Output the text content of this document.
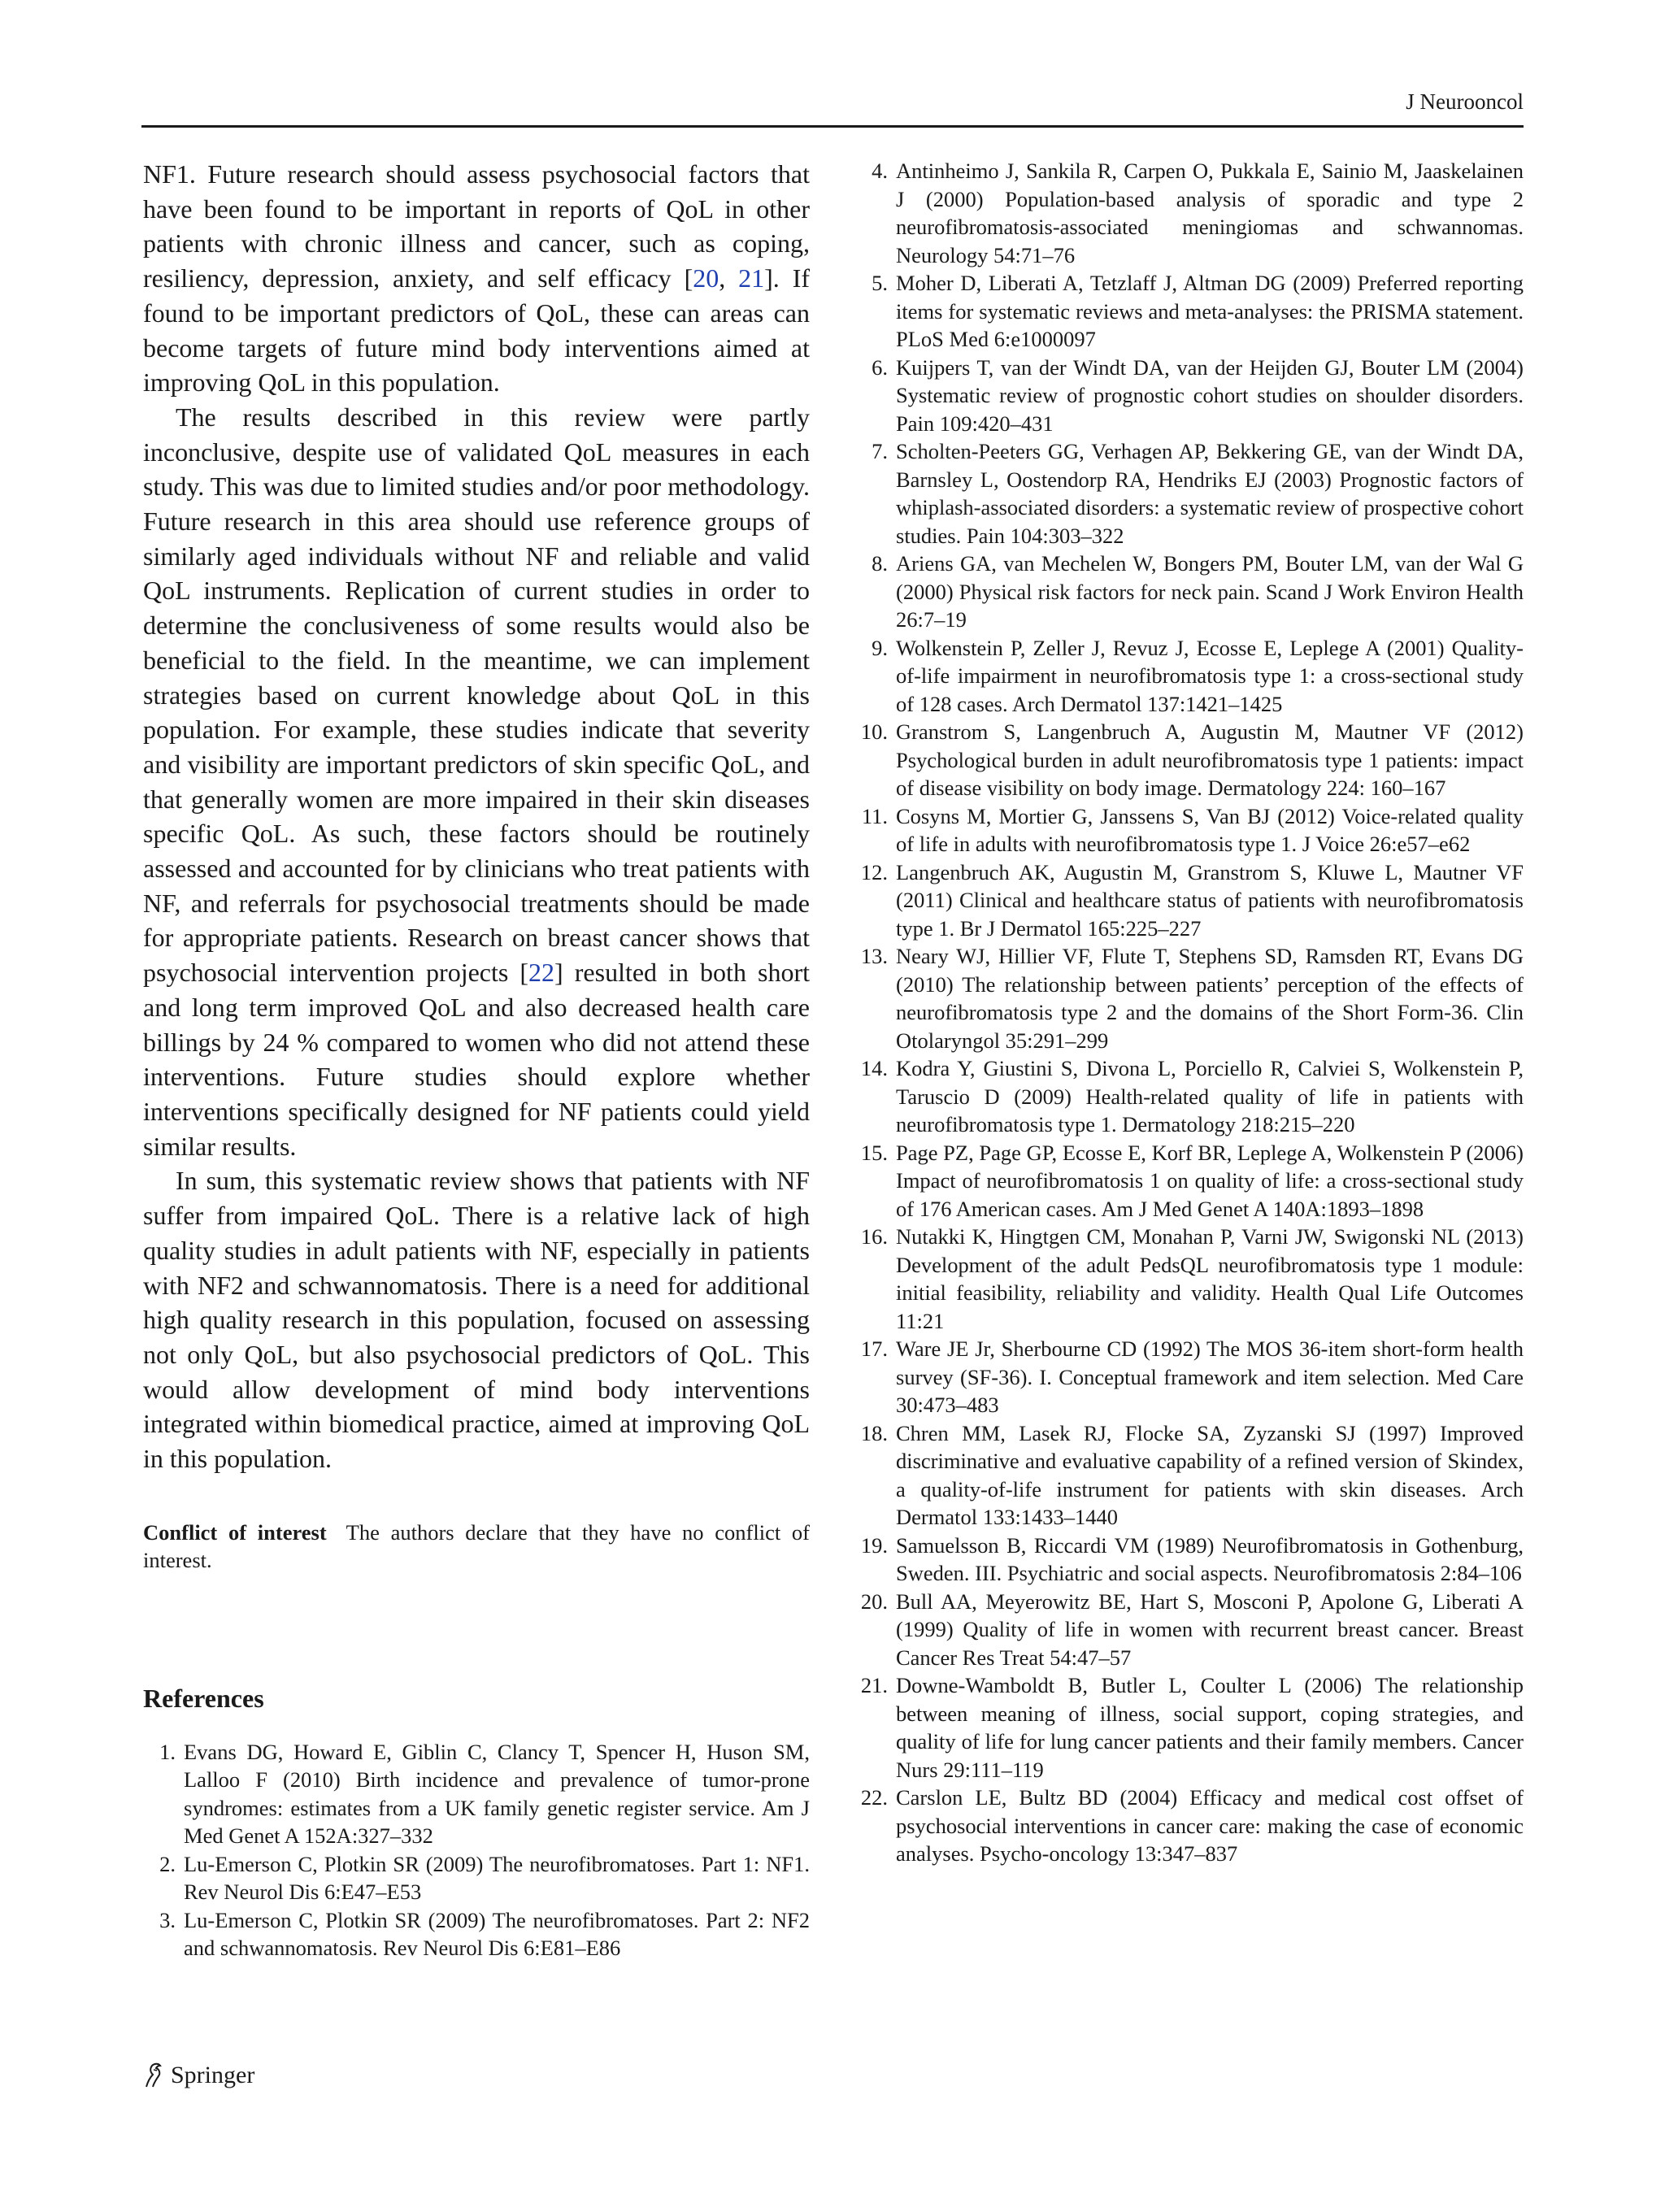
J Neurooncol

NF1. Future research should assess psychosocial factors that have been found to be important in reports of QoL in other patients with chronic illness and cancer, such as coping, resiliency, depression, anxiety, and self efficacy [20, 21]. If found to be important predictors of QoL, these can areas can become targets of future mind body interventions aimed at improving QoL in this population.

The results described in this review were partly inconclusive, despite use of validated QoL measures in each study. This was due to limited studies and/or poor methodology. Future research in this area should use reference groups of similarly aged individuals without NF and reliable and valid QoL instruments. Replication of current studies in order to determine the conclusiveness of some results would also be beneficial to the field. In the meantime, we can implement strategies based on current knowledge about QoL in this population. For example, these studies indicate that severity and visibility are important predictors of skin specific QoL, and that generally women are more impaired in their skin diseases specific QoL. As such, these factors should be routinely assessed and accounted for by clinicians who treat patients with NF, and referrals for psychosocial treatments should be made for appropriate patients. Research on breast cancer shows that psychosocial intervention projects [22] resulted in both short and long term improved QoL and also decreased health care billings by 24 % compared to women who did not attend these interventions. Future studies should explore whether interventions specifically designed for NF patients could yield similar results.

In sum, this systematic review shows that patients with NF suffer from impaired QoL. There is a relative lack of high quality studies in adult patients with NF, especially in patients with NF2 and schwannomatosis. There is a need for additional high quality research in this population, focused on assessing not only QoL, but also psychosocial predictors of QoL. This would allow development of mind body interventions integrated within biomedical practice, aimed at improving QoL in this population.

Conflict of interest The authors declare that they have no conflict of interest.

References
1. Evans DG, Howard E, Giblin C, Clancy T, Spencer H, Huson SM, Lalloo F (2010) Birth incidence and prevalence of tumor-prone syndromes: estimates from a UK family genetic register service. Am J Med Genet A 152A:327–332
2. Lu-Emerson C, Plotkin SR (2009) The neurofibromatoses. Part 1: NF1. Rev Neurol Dis 6:E47–E53
3. Lu-Emerson C, Plotkin SR (2009) The neurofibromatoses. Part 2: NF2 and schwannomatosis. Rev Neurol Dis 6:E81–E86
4. Antinheimo J, Sankila R, Carpen O, Pukkala E, Sainio M, Jaaskelainen J (2000) Population-based analysis of sporadic and type 2 neurofibromatosis-associated meningiomas and schwannomas. Neurology 54:71–76
5. Moher D, Liberati A, Tetzlaff J, Altman DG (2009) Preferred reporting items for systematic reviews and meta-analyses: the PRISMA statement. PLoS Med 6:e1000097
6. Kuijpers T, van der Windt DA, van der Heijden GJ, Bouter LM (2004) Systematic review of prognostic cohort studies on shoulder disorders. Pain 109:420–431
7. Scholten-Peeters GG, Verhagen AP, Bekkering GE, van der Windt DA, Barnsley L, Oostendorp RA, Hendriks EJ (2003) Prognostic factors of whiplash-associated disorders: a systematic review of prospective cohort studies. Pain 104:303–322
8. Ariens GA, van Mechelen W, Bongers PM, Bouter LM, van der Wal G (2000) Physical risk factors for neck pain. Scand J Work Environ Health 26:7–19
9. Wolkenstein P, Zeller J, Revuz J, Ecosse E, Leplege A (2001) Quality-of-life impairment in neurofibromatosis type 1: a cross-sectional study of 128 cases. Arch Dermatol 137:1421–1425
10. Granstrom S, Langenbruch A, Augustin M, Mautner VF (2012) Psychological burden in adult neurofibromatosis type 1 patients: impact of disease visibility on body image. Dermatology 224: 160–167
11. Cosyns M, Mortier G, Janssens S, Van BJ (2012) Voice-related quality of life in adults with neurofibromatosis type 1. J Voice 26:e57–e62
12. Langenbruch AK, Augustin M, Granstrom S, Kluwe L, Mautner VF (2011) Clinical and healthcare status of patients with neurofibromatosis type 1. Br J Dermatol 165:225–227
13. Neary WJ, Hillier VF, Flute T, Stephens SD, Ramsden RT, Evans DG (2010) The relationship between patients’ perception of the effects of neurofibromatosis type 2 and the domains of the Short Form-36. Clin Otolaryngol 35:291–299
14. Kodra Y, Giustini S, Divona L, Porciello R, Calviei S, Wolkenstein P, Taruscio D (2009) Health-related quality of life in patients with neurofibromatosis type 1. Dermatology 218:215–220
15. Page PZ, Page GP, Ecosse E, Korf BR, Leplege A, Wolkenstein P (2006) Impact of neurofibromatosis 1 on quality of life: a cross-sectional study of 176 American cases. Am J Med Genet A 140A:1893–1898
16. Nutakki K, Hingtgen CM, Monahan P, Varni JW, Swigonski NL (2013) Development of the adult PedsQL neurofibromatosis type 1 module: initial feasibility, reliability and validity. Health Qual Life Outcomes 11:21
17. Ware JE Jr, Sherbourne CD (1992) The MOS 36-item short-form health survey (SF-36). I. Conceptual framework and item selection. Med Care 30:473–483
18. Chren MM, Lasek RJ, Flocke SA, Zyzanski SJ (1997) Improved discriminative and evaluative capability of a refined version of Skindex, a quality-of-life instrument for patients with skin diseases. Arch Dermatol 133:1433–1440
19. Samuelsson B, Riccardi VM (1989) Neurofibromatosis in Gothenburg, Sweden. III. Psychiatric and social aspects. Neurofibromatosis 2:84–106
20. Bull AA, Meyerowitz BE, Hart S, Mosconi P, Apolone G, Liberati A (1999) Quality of life in women with recurrent breast cancer. Breast Cancer Res Treat 54:47–57
21. Downe-Wamboldt B, Butler L, Coulter L (2006) The relationship between meaning of illness, social support, coping strategies, and quality of life for lung cancer patients and their family members. Cancer Nurs 29:111–119
22. Carslon LE, Bultz BD (2004) Efficacy and medical cost offset of psychosocial interventions in cancer care: making the case of economic analyses. Psycho-oncology 13:347–837
Springer
